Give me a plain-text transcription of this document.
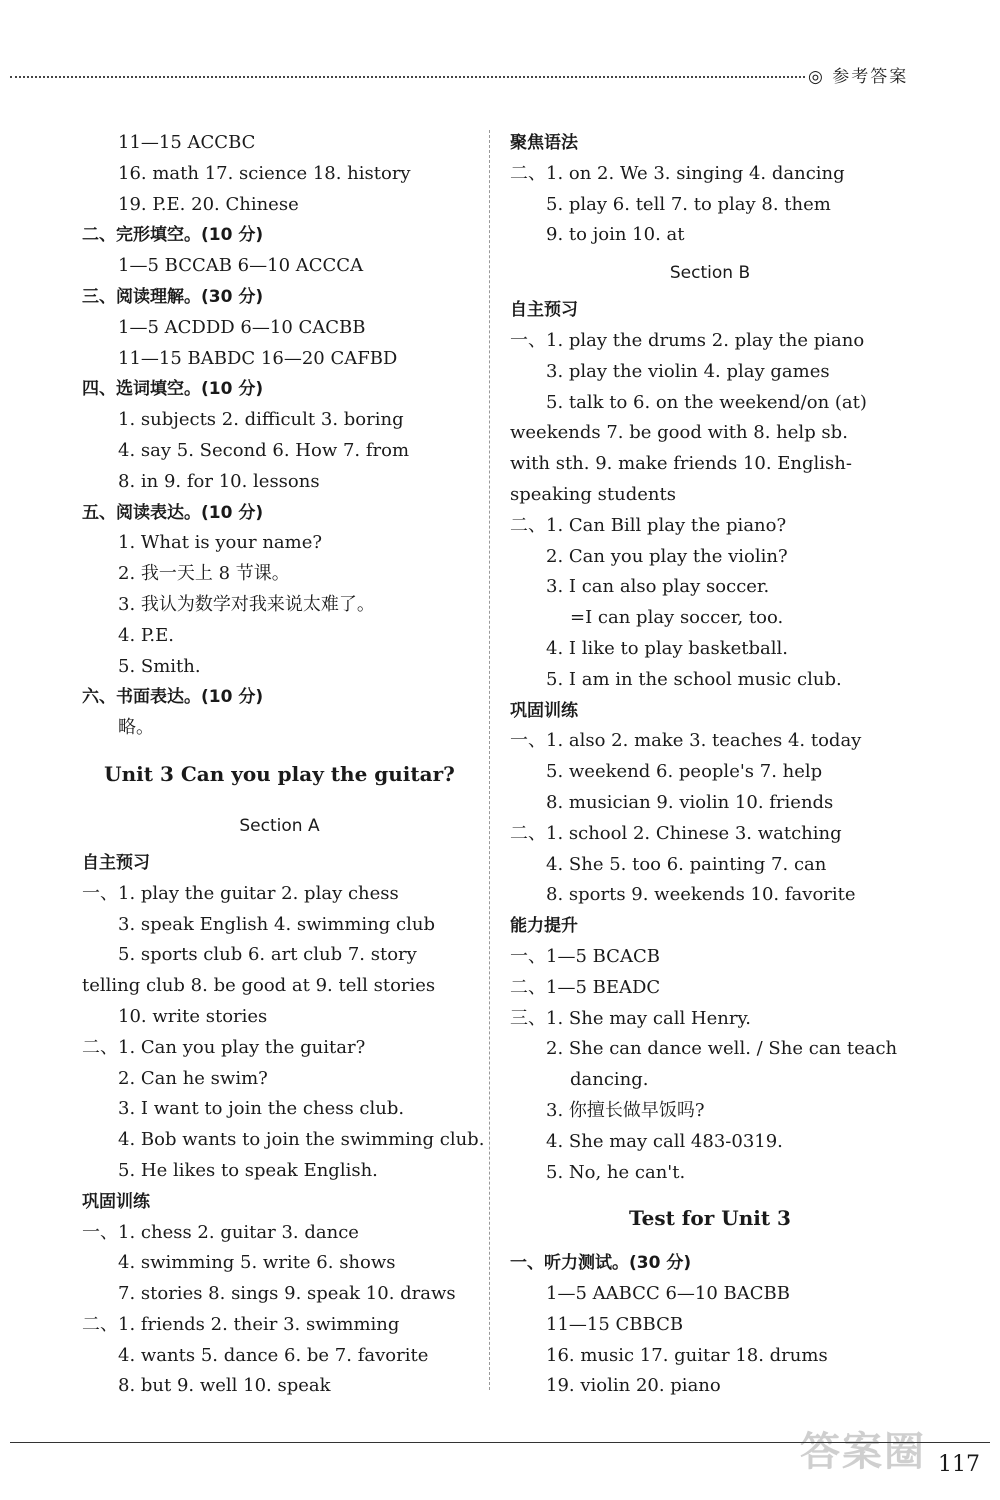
◎ 参考答案
11—15 ACCBC
16. math 17. science 18. history
19. P.E. 20. Chinese
二、完形填空。(10 分)
1—5 BCCAB 6—10 ACCCA
三、阅读理解。(30 分)
1—5 ACDDD 6—10 CACBB
11—15 BABDC 16—20 CAFBD
四、选词填空。(10 分)
1. subjects 2. difficult 3. boring
4. say 5. Second 6. How 7. from
8. in 9. for 10. lessons
五、阅读表达。(10 分)
1. What is your name?
2. 我一天上 8 节课。
3. 我认为数学对我来说太难了。
4. P.E.
5. Smith.
六、书面表达。(10 分)
略。
Unit 3 Can you play the guitar?
Section A
自主预习
一、1. play the guitar 2. play chess
3. speak English 4. swimming club
5. sports club 6. art club 7. story
telling club 8. be good at 9. tell stories
10. write stories
二、1. Can you play the guitar?
2. Can he swim?
3. I want to join the chess club.
4. Bob wants to join the swimming club.
5. He likes to speak English.
巩固训练
一、1. chess 2. guitar 3. dance
4. swimming 5. write 6. shows
7. stories 8. sings 9. speak 10. draws
二、1. friends 2. their 3. swimming
4. wants 5. dance 6. be 7. favorite
8. but 9. well 10. speak
聚焦语法
二、1. on 2. We 3. singing 4. dancing
5. play 6. tell 7. to play 8. them
9. to join 10. at
Section B
自主预习
一、1. play the drums 2. play the piano
3. play the violin 4. play games
5. talk to 6. on the weekend/on (at)
weekends 7. be good with 8. help sb.
with sth. 9. make friends 10. English-
speaking students
二、1. Can Bill play the piano?
2. Can you play the violin?
3. I can also play soccer.
=I can play soccer, too.
4. I like to play basketball.
5. I am in the school music club.
巩固训练
一、1. also 2. make 3. teaches 4. today
5. weekend 6. people's 7. help
8. musician 9. violin 10. friends
二、1. school 2. Chinese 3. watching
4. She 5. too 6. painting 7. can
8. sports 9. weekends 10. favorite
能力提升
一、1—5 BCACB
二、1—5 BEADC
三、1. She may call Henry.
2. She can dance well. / She can teach
dancing.
3. 你擅长做早饭吗?
4. She may call 483-0319.
5. No, he can't.
Test for Unit 3
一、听力测试。(30 分)
1—5 AABCC 6—10 BACBB
11—15 CBBCB
16. music 17. guitar 18. drums
19. violin 20. piano
答案圈 117
